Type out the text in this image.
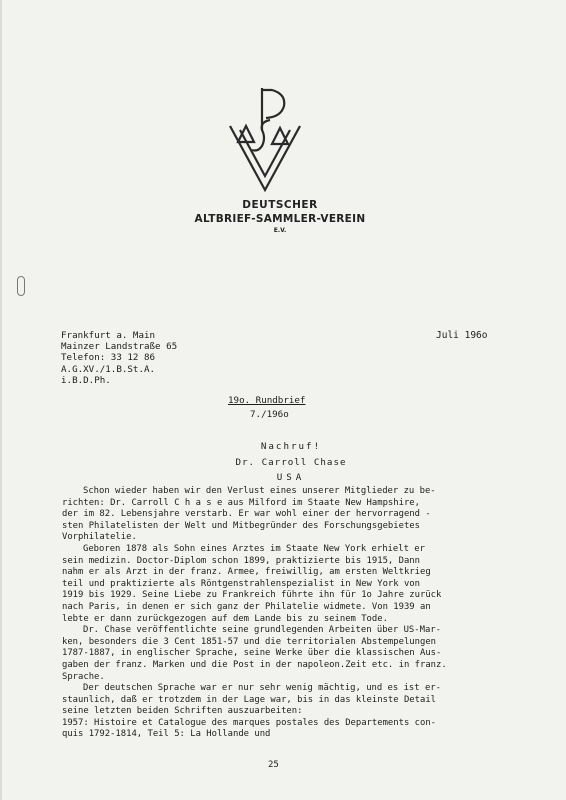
DEUTSCHER
ALTBRIEF-SAMMLER-VEREIN
E.V.
Frankfurt a. Main
Mainzer Landstraße 65
Telefon: 33 12 86
A.G.XV./1.B.St.A.
i.B.D.Ph.
Juli 196o
19o. Rundbrief
7./196o
Nachruf!
Dr. Carroll Chase
USA

Schon wieder haben wir den Verlust eines unserer Mitglieder zu be-

richten: Dr. Carroll C h a s e aus Milford im Staate New Hampshire,

der im 82. Lebensjahre verstarb. Er war wohl einer der hervorragend -

sten Philatelisten der Welt und Mitbegründer des Forschungsgebietes

Vorphilatelie.

Geboren 1878 als Sohn eines Arztes im Staate New York erhielt er

sein medizin. Doctor-Diplom schon 1899, praktizierte bis 1915, Dann

nahm er als Arzt in der franz. Armee, freiwillig, am ersten Weltkrieg

teil und praktizierte als Röntgenstrahlenspezialist in New York von

1919 bis 1929. Seine Liebe zu Frankreich führte ihn für 1o Jahre zurück

nach Paris, in denen er sich ganz der Philatelie widmete. Von 1939 an

lebte er dann zurückgezogen auf dem Lande bis zu seinem Tode.

Dr. Chase veröffentlichte seine grundlegenden Arbeiten über US-Mar-

ken, besonders die 3 Cent 1851-57 und die territorialen Abstempelungen

1787-1887, in englischer Sprache, seine Werke über die klassischen Aus-

gaben der franz. Marken und die Post in der napoleon.Zeit etc. in franz.

Sprache.

Der deutschen Sprache war er nur sehr wenig mächtig, und es ist er-

staunlich, daß er trotzdem in der Lage war, bis in das kleinste Detail

seine letzten beiden Schriften auszuarbeiten:

1957: Histoire et Catalogue des marques postales des Departements con-

quis 1792-1814, Teil 5: La Hollande und

25
